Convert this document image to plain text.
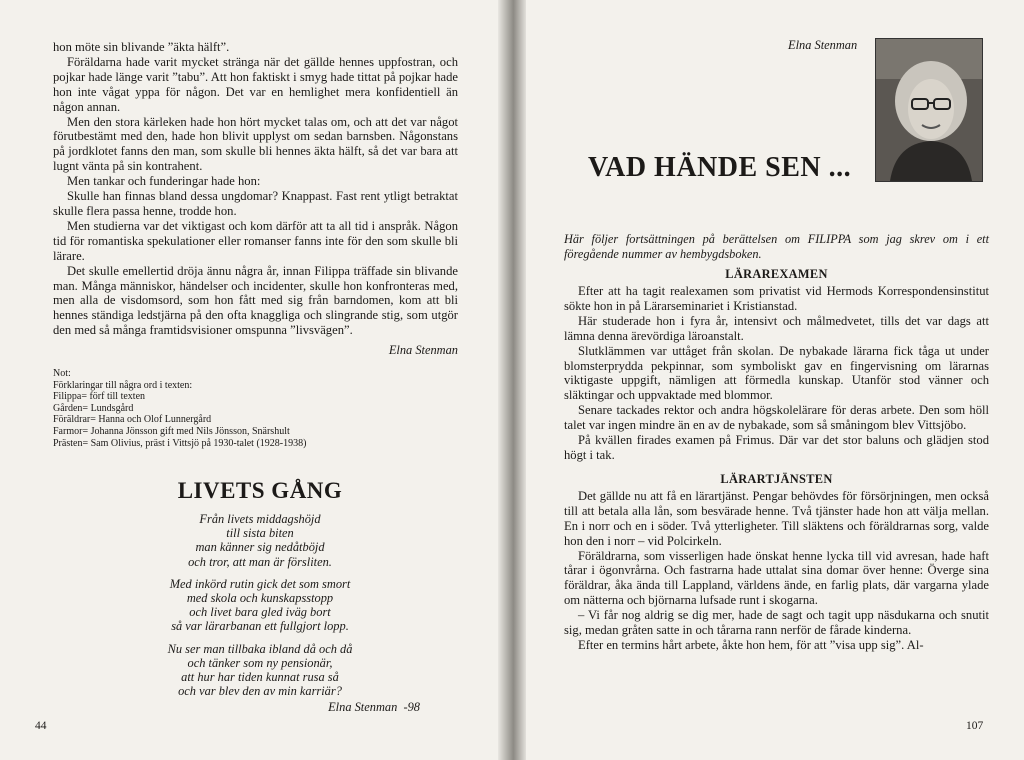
hon möte sin blivande ”äkta hälft”.

Föräldarna hade varit mycket stränga när det gällde hennes uppfostran, och pojkar hade länge varit ”tabu”. Att hon faktiskt i smyg hade tittat på pojkar hade hon inte vågat yppa för någon. Det var en hemlighet mera konfidentiell än någon annan.

Men den stora kärleken hade hon hört mycket talas om, och att det var något förutbestämt med den, hade hon blivit upplyst om sedan barnsben. Någonstans på jordklotet fanns den man, som skulle bli hennes äkta hälft, så det var bara att lugnt vänta på sin kontrahent.

Men tankar och funderingar hade hon:

Skulle han finnas bland dessa ungdomar? Knappast. Fast rent ytligt betraktat skulle flera passa henne, trodde hon.

Men studierna var det viktigast och kom därför att ta all tid i anspråk. Någon tid för romantiska spekulationer eller romanser fanns inte för den som skulle bli lärare.

Det skulle emellertid dröja ännu några år, innan Filippa träffade sin blivande man. Många människor, händelser och incidenter, skulle hon konfronteras med, men alla de visdomsord, som hon fått med sig från barndomen, kom att bli hennes ständiga ledstjärna på den ofta knaggliga och slingrande stig, som utgör den med så många framtidsvisioner omspunna ”livsvägen”.

Elna Stenman

Not:

Förklaringar till några ord i texten:

Filippa= förf till texten

Gården= Lundsgård

Föräldrar= Hanna och Olof Lunnergård

Farmor= Johanna Jönsson gift med Nils Jönsson, Snärshult

Prästen= Sam Olivius, präst i Vittsjö på 1930-talet (1928-1938)

LIVETS GÅNG

Från livets middagshöjd
till sista biten
man känner sig nedåtböjd
och tror, att man är försliten.
Med inkörd rutin gick det som smort
med skola och kunskapsstopp
och livet bara gled iväg bort
så var lärarbanan ett fullgjort lopp.
Nu ser man tillbaka ibland då och då
och tänker som ny pensionär,
att hur har tiden kunnat rusa så
och var blev den av min karriär?
Elna Stenman  -98
44
Elna Stenman
VAD HÄNDE SEN ...

Här följer fortsättningen på berättelsen om FILIPPA som jag skrev om i ett föregående nummer av hembygdsboken.

LÄRAREXAMEN

Efter att ha tagit realexamen som privatist vid Hermods Korrespondensinstitut sökte hon in på Lärarseminariet i Kristianstad.

Här studerade hon i fyra år, intensivt och målmedvetet, tills det var dags att lämna denna ärevördiga läroanstalt.

Slutklämmen var uttåget från skolan. De nybakade lärarna fick tåga ut under blomsterprydda pekpinnar, som symboliskt gav en fingervisning om lärarnas viktigaste uppgift, nämligen att förmedla kunskap. Utanför stod vänner och släktingar och uppvaktade med blommor.

Senare tackades rektor och andra högskolelärare för deras arbete. Den som höll talet var ingen mindre än en av de nybakade, som så småningom blev Vittsjöbo.

På kvällen firades examen på Frimus. Där var det stor baluns och glädjen stod högt i tak.

LÄRARTJÄNSTEN

Det gällde nu att få en lärartjänst. Pengar behövdes för försörjningen, men också till att betala alla lån, som besvärade henne. Två tjänster hade hon att välja mellan. En i norr och en i söder. Två ytterligheter. Till släktens och föräldrarnas sorg, valde hon den i norr – vid Polcirkeln.

Föräldrarna, som visserligen hade önskat henne lycka till vid avresan, hade haft tårar i ögonvrårna. Och fastrarna hade uttalat sina domar över henne: Överge sina föräldrar, åka ända till Lappland, världens ände, en farlig plats, där vargarna ylade om nätterna och björnarna lufsade runt i skogarna.

– Vi får nog aldrig se dig mer, hade de sagt och tagit upp näsdukarna och snutit sig, medan gråten satte in och tårarna rann nerför de fårade kinderna.

Efter en termins hårt arbete, åkte hon hem, för att ”visa upp sig”. Al-

107
